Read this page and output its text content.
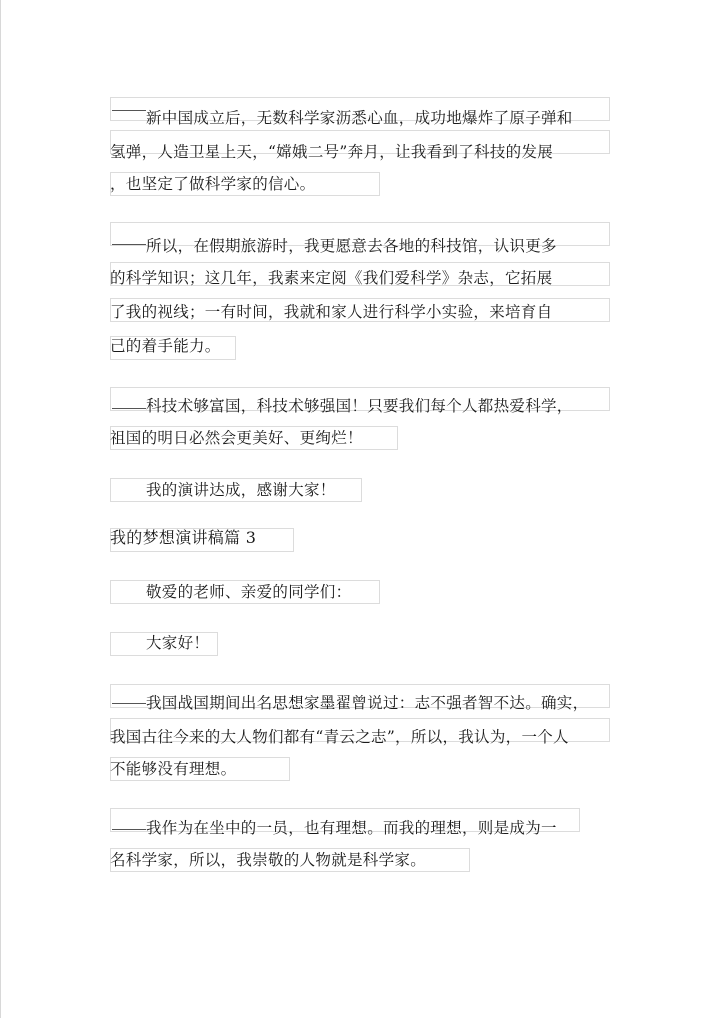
新中国成立后，无数科学家沥悉心血，成功地爆炸了原子弹和
氢弹，人造卫星上天，“嫦娥二号”奔月，让我看到了科技的发展
，也坚定了做科学家的信心。
所以，在假期旅游时，我更愿意去各地的科技馆，认识更多
的科学知识；这几年，我素来定阅《我们爱科学》杂志，它拓展
了我的视线；一有时间，我就和家人进行科学小实验，来培育自
己的着手能力。
科技术够富国，科技术够强国！只要我们每个人都热爱科学，
祖国的明日必然会更美好、更绚烂！
我的演讲达成，感谢大家！
我的梦想演讲稿篇 3
敬爱的老师、亲爱的同学们：
大家好！
我国战国期间出名思想家墨翟曾说过：志不强者智不达。确实，
我国古往今来的大人物们都有“青云之志”，所以，我认为，一个人
不能够没有理想。
我作为在坐中的一员，也有理想。而我的理想，则是成为一
名科学家，所以，我崇敬的人物就是科学家。
